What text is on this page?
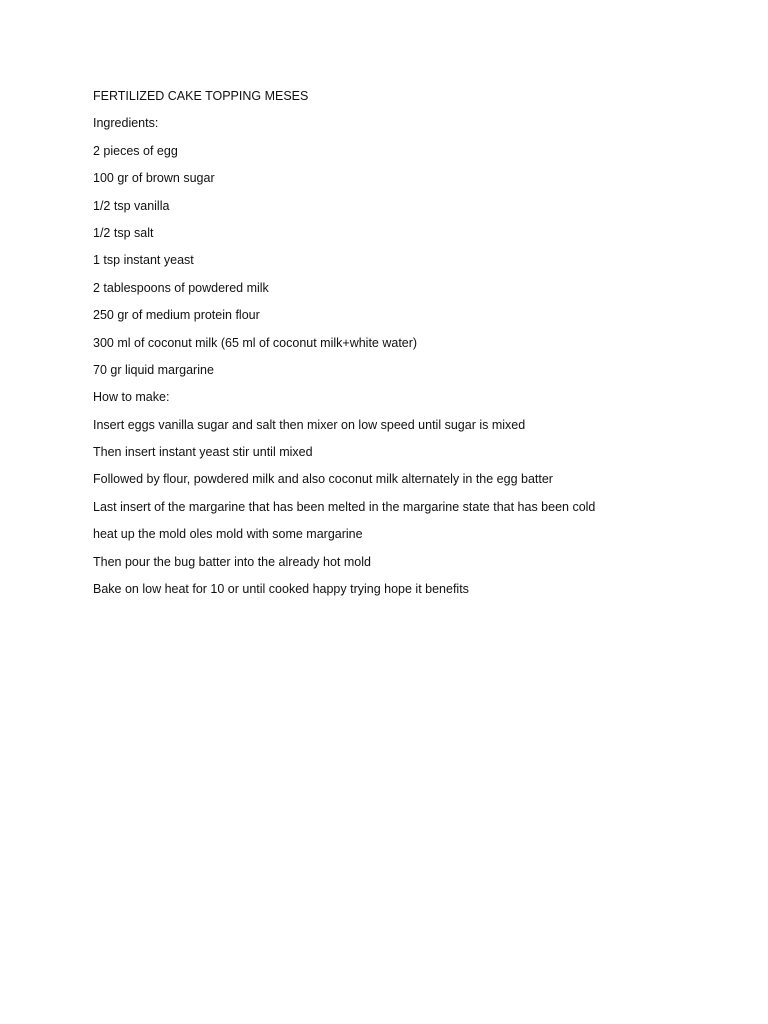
FERTILIZED CAKE TOPPING MESES
Ingredients:
2 pieces of egg
100 gr of brown sugar
1/2 tsp vanilla
1/2 tsp salt
1 tsp instant yeast
2 tablespoons of powdered milk
250 gr of medium protein flour
300 ml of coconut milk (65 ml of coconut milk+white water)
70 gr liquid margarine
How to make:
Insert eggs vanilla sugar and salt then mixer on low speed until sugar is mixed
Then insert instant yeast stir until mixed
Followed by flour, powdered milk and also coconut milk alternately in the egg batter
Last insert of the margarine that has been melted in the margarine state that has been cold
heat up the mold oles mold with some margarine
Then pour the bug batter into the already hot mold
Bake on low heat for 10 or until cooked happy trying hope it benefits
